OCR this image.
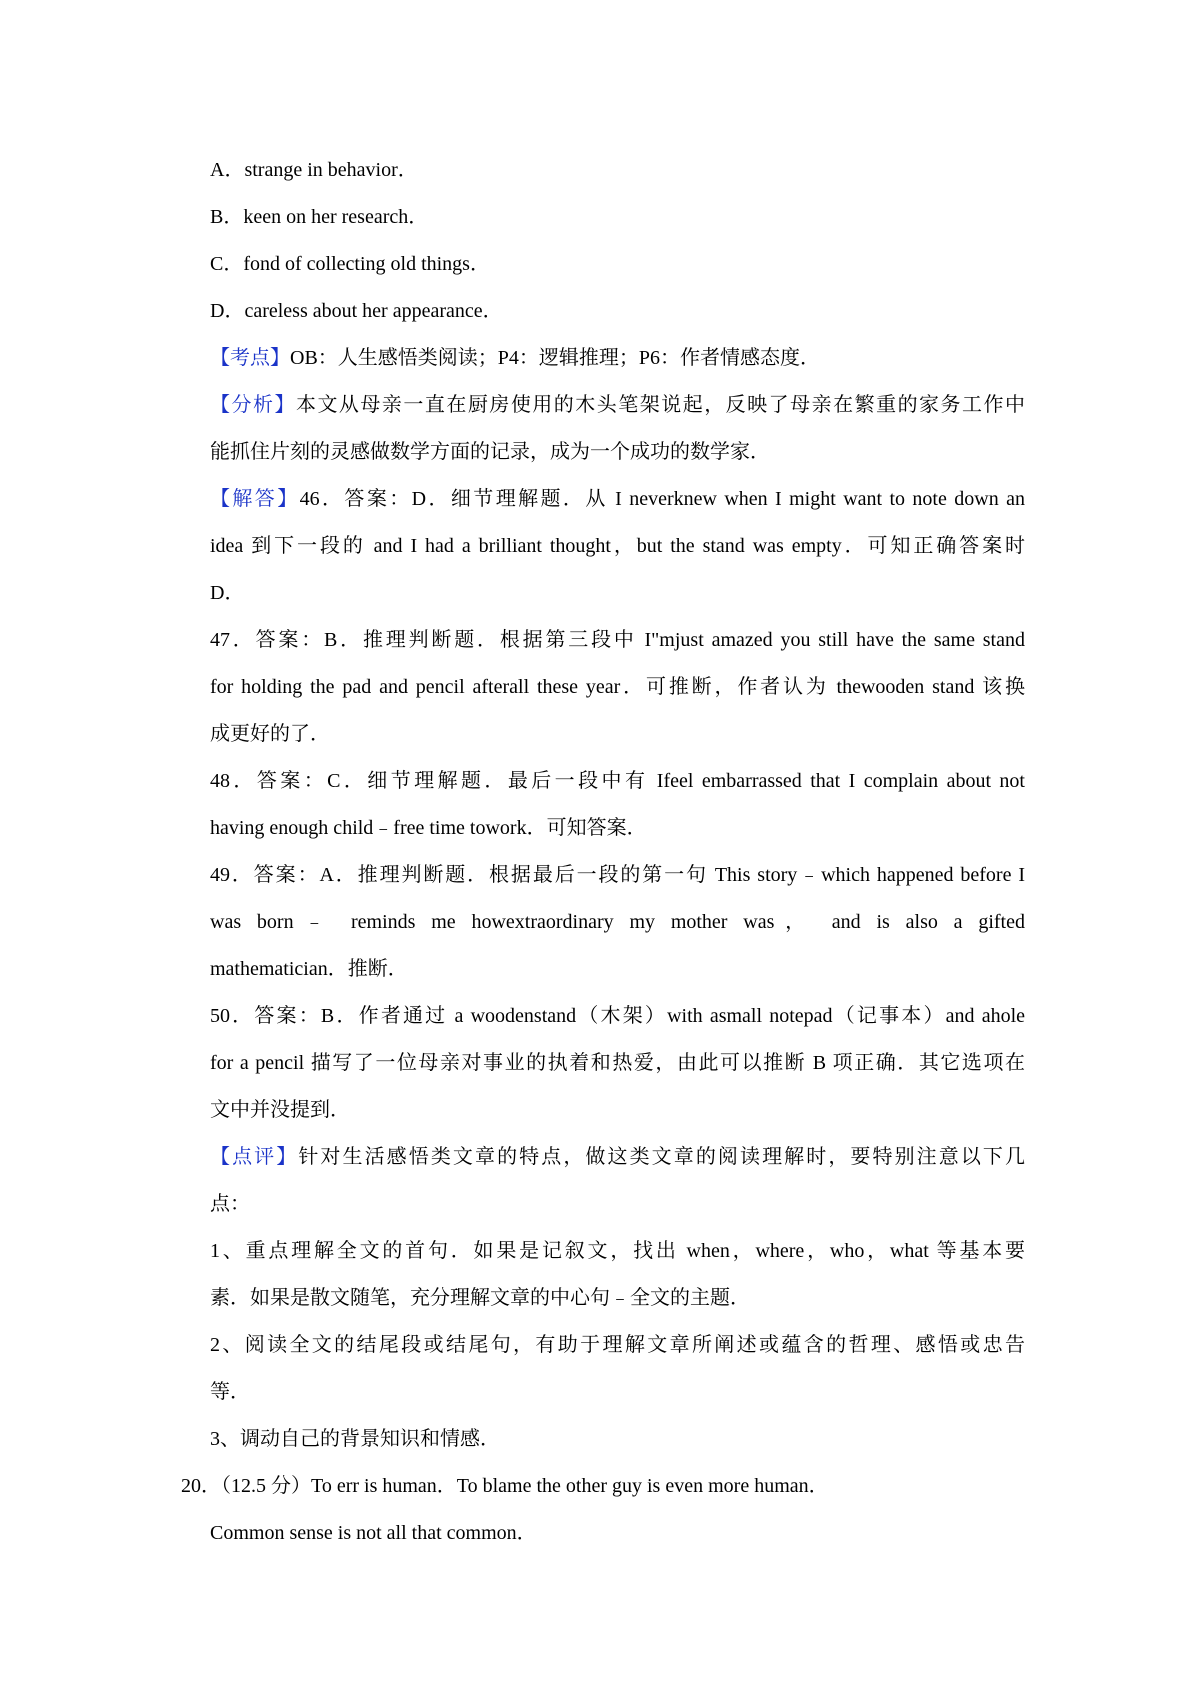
A．strange in behavior．
B．keen on her research．
C．fond of collecting old things．
D．careless about her appearance．
【考点】OB：人生感悟类阅读；P4：逻辑推理；P6：作者情感态度．
【分析】本文从母亲一直在厨房使用的木头笔架说起，反映了母亲在繁重的家务工作中
能抓住片刻的灵感做数学方面的记录，成为一个成功的数学家．
【解答】46．答案：D．细节理解题．从 I neverknew when I might want to note down an
idea 到下一段的 and I had a brilliant thought，but the stand was empty．可知正确答案时
D．
47．答案：B．推理判断题．根据第三段中 I"mjust amazed you still have the same stand
for holding the pad and pencil afterall these year．可推断，作者认为 thewooden stand 该换
成更好的了．
48．答案：C．细节理解题．最后一段中有 Ifeel embarrassed that I complain about not
having enough child﹣free time towork．可知答案．
49．答案：A．推理判断题．根据最后一段的第一句 This story﹣which happened before I
was born﹣ reminds me howextraordinary my mother was， and is also a gifted
mathematician．推断．
50．答案：B．作者通过 a woodenstand（木架）with asmall notepad（记事本）and ahole
for a pencil 描写了一位母亲对事业的执着和热爱，由此可以推断 B 项正确．其它选项在
文中并没提到．
【点评】针对生活感悟类文章的特点，做这类文章的阅读理解时，要特别注意以下几
点：
1、重点理解全文的首句．如果是记叙文，找出 when，where，who，what 等基本要
素．如果是散文随笔，充分理解文章的中心句﹣全文的主题．
2、阅读全文的结尾段或结尾句，有助于理解文章所阐述或蕴含的哲理、感悟或忠告
等．
3、调动自己的背景知识和情感．
20．（12.5 分）To err is human．To blame the other guy is even more human．
Common sense is not all that common．
